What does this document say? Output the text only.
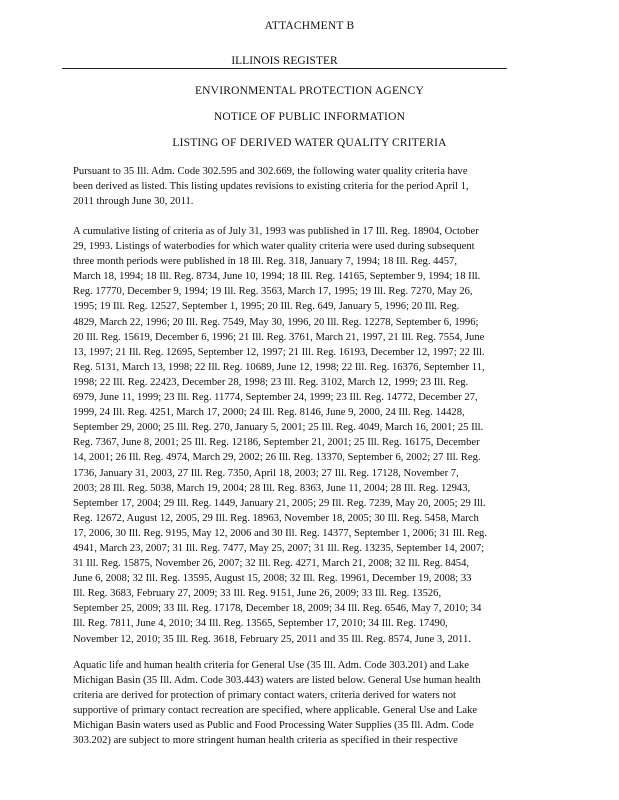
ATTACHMENT B
ILLINOIS REGISTER
ENVIRONMENTAL PROTECTION AGENCY
NOTICE OF PUBLIC INFORMATION
LISTING OF DERIVED WATER QUALITY CRITERIA
Pursuant to 35 Ill. Adm. Code 302.595 and 302.669, the following water quality criteria have
been derived as listed. This listing updates revisions to existing criteria for the period April 1,
2011 through June 30, 2011.
A cumulative listing of criteria as of July 31, 1993 was published in 17 Ill. Reg. 18904, October
29, 1993. Listings of waterbodies for which water quality criteria were used during subsequent
three month periods were published in 18 Ill. Reg. 318, January 7, 1994; 18 Ill. Reg. 4457,
March 18, 1994; 18 Ill. Reg. 8734, June 10, 1994; 18 Ill. Reg. 14165, September 9, 1994; 18 Ill.
Reg. 17770, December 9, 1994; 19 Ill. Reg. 3563, March 17, 1995; 19 Ill. Reg. 7270, May 26,
1995; 19 Ill. Reg. 12527, September 1, 1995; 20 Ill. Reg. 649, January 5, 1996; 20 Ill. Reg.
4829, March 22, 1996; 20 Ill. Reg. 7549, May 30, 1996, 20 Ill. Reg. 12278, September 6, 1996;
20 Ill. Reg. 15619, December 6, 1996; 21 Ill. Reg. 3761, March 21, 1997, 21 Ill. Reg. 7554, June
13, 1997; 21 Ill. Reg. 12695, September 12, 1997; 21 Ill. Reg. 16193, December 12, 1997; 22 Ill.
Reg. 5131, March 13, 1998; 22 Ill. Reg. 10689, June 12, 1998; 22 Ill. Reg. 16376, September 11,
1998; 22 Ill. Reg. 22423, December 28, 1998; 23 Ill. Reg. 3102, March 12, 1999; 23 Ill. Reg.
6979, June 11, 1999; 23 Ill. Reg. 11774, September 24, 1999; 23 Ill. Reg. 14772, December 27,
1999, 24 Ill. Reg. 4251, March 17, 2000; 24 Ill. Reg. 8146, June 9, 2000, 24 Ill. Reg. 14428,
September 29, 2000; 25 Ill. Reg. 270, January 5, 2001; 25 Ill. Reg. 4049, March 16, 2001; 25 Ill.
Reg. 7367, June 8, 2001; 25 Ill. Reg. 12186, September 21, 2001; 25 Ill. Reg. 16175, December
14, 2001; 26 Ill. Reg. 4974, March 29, 2002; 26 Ill. Reg. 13370, September 6, 2002; 27 Ill. Reg.
1736, January 31, 2003, 27 Ill. Reg. 7350, April 18, 2003; 27 Ill. Reg. 17128, November 7,
2003; 28 Ill. Reg. 5038, March 19, 2004; 28 Ill. Reg. 8363, June 11, 2004; 28 Ill. Reg. 12943,
September 17, 2004; 29 Ill. Reg. 1449, January 21, 2005; 29 Ill. Reg. 7239, May 20, 2005; 29 Ill.
Reg. 12672, August 12, 2005, 29 Ill. Reg. 18963, November 18, 2005; 30 Ill. Reg. 5458, March
17, 2006, 30 Ill. Reg. 9195, May 12, 2006 and 30 Ill. Reg. 14377, September 1, 2006; 31 Ill. Reg.
4941, March 23, 2007; 31 Ill. Reg. 7477, May 25, 2007; 31 Ill. Reg. 13235, September 14, 2007;
31 Ill. Reg. 15875, November 26, 2007; 32 Ill. Reg. 4271, March 21, 2008; 32 Ill. Reg. 8454,
June 6, 2008; 32 Ill. Reg. 13595, August 15, 2008; 32 Ill. Reg. 19961, December 19, 2008; 33
Ill. Reg. 3683, February 27, 2009; 33 Ill. Reg. 9151, June 26, 2009; 33 Ill. Reg. 13526,
September 25, 2009; 33 Ill. Reg. 17178, December 18, 2009; 34 Ill. Reg. 6546, May 7, 2010; 34
Ill. Reg. 7811, June 4, 2010; 34 Ill. Reg. 13565, September 17, 2010; 34 Ill. Reg. 17490,
November 12, 2010; 35 Ill. Reg. 3618, February 25, 2011 and 35 Ill. Reg. 8574, June 3, 2011.
Aquatic life and human health criteria for General Use (35 Ill. Adm. Code 303.201) and Lake
Michigan Basin (35 Ill. Adm. Code 303.443) waters are listed below. General Use human health
criteria are derived for protection of primary contact waters, criteria derived for waters not
supportive of primary contact recreation are specified, where applicable. General Use and Lake
Michigan Basin waters used as Public and Food Processing Water Supplies (35 Ill. Adm. Code
303.202) are subject to more stringent human health criteria as specified in their respective
